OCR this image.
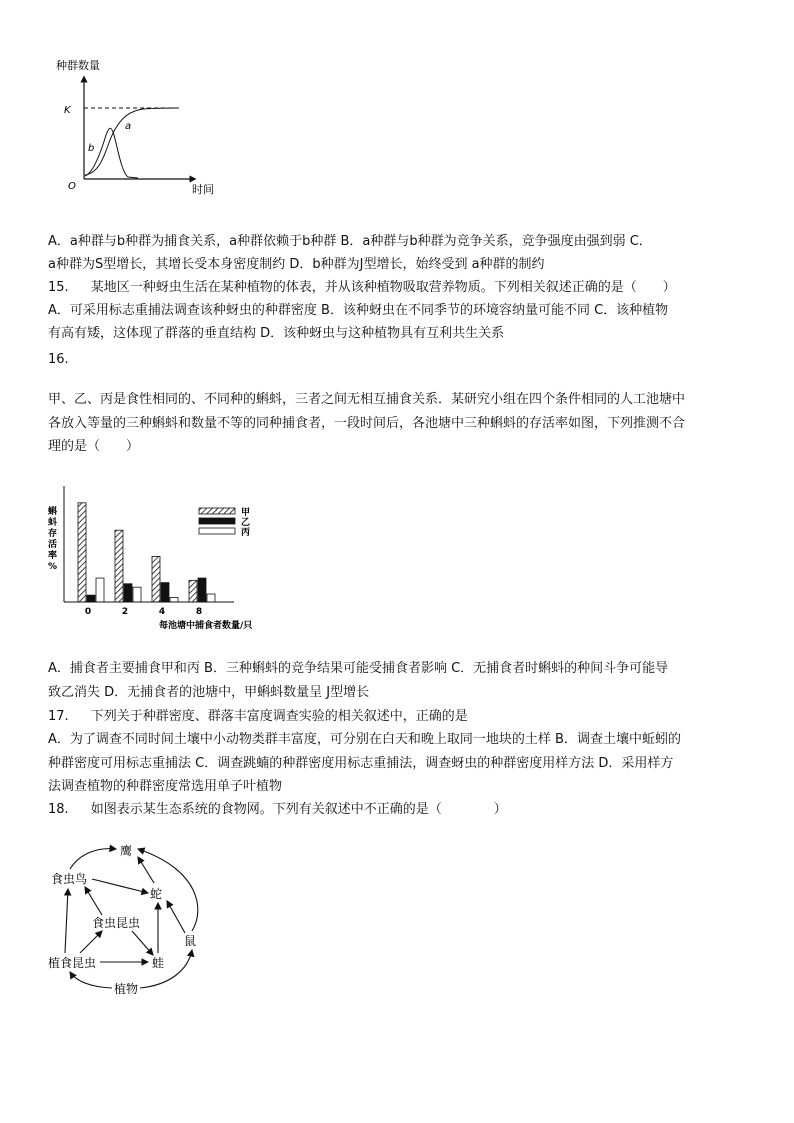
种群数量
K
O	时间
a
b
A．a种群与b种群为捕食关系，a种群依赖于b种群 B．a种群与b种群为竞争关系，竞争强度由强到弱 C．
a种群为S型增长，其增长受本身密度制约 D．b种群为J型增长，始终受到 a种群的制约
15. 某地区一种蚜虫生活在某种植物的体表，并从该种植物吸取营养物质。下列相关叙述正确的是（　　）
A．可采用标志重捕法调查该种蚜虫的种群密度 B．该种蚜虫在不同季节的环境容纳量可能不同 C．该种植物
有高有矮，这体现了群落的垂直结构 D．该种蚜虫与这种植物具有互利共生关系
16.
甲、乙、丙是食性相同的、不同种的蝌蚪，三者之间无相互捕食关系．某研究小组在四个条件相同的人工池塘中
各放入等量的三种蝌蚪和数量不等的同种捕食者，一段时间后，各池塘中三种蝌蚪的存活率如图，下列推测不合
理的是（　　）
0	2	4	8
蝌蚪存活率%
甲
乙
丙
每池塘中捕食者数量/只
A．捕食者主要捕食甲和丙 B．三种蝌蚪的竞争结果可能受捕食者影响 C．无捕食者时蝌蚪的种间斗争可能导
致乙消失 D．无捕食者的池塘中，甲蝌蚪数量呈 J型增长
17. 下列关于种群密度、群落丰富度调查实验的相关叙述中，正确的是
A．为了调查不同时间土壤中小动物类群丰富度，可分别在白天和晚上取同一地块的土样 B．调查土壤中蚯蚓的
种群密度可用标志重捕法 C．调查跳蝻的种群密度用标志重捕法，调查蚜虫的种群密度用样方法 D．采用样方
法调查植物的种群密度常选用单子叶植物
18. 如图表示某生态系统的食物网。下列有关叙述中不正确的是（　　　　）
鹰
食虫鸟
蛇
食虫昆虫
鼠
植食昆虫	蛙
植物
